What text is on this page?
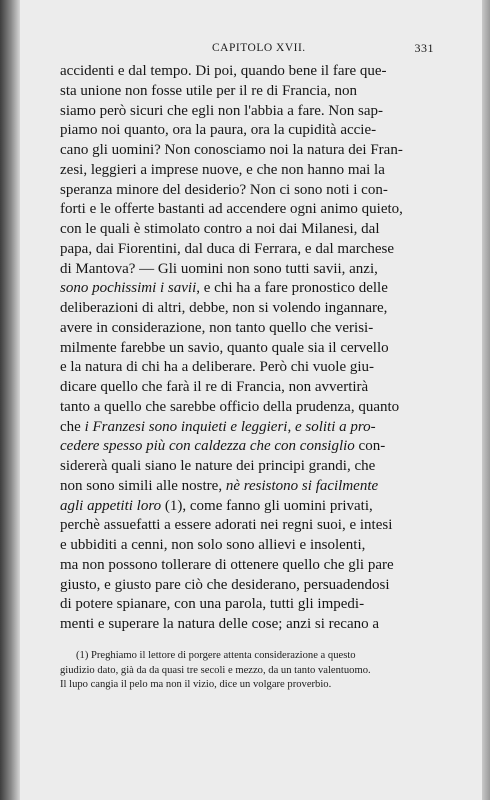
CAPITOLO XVII.	331
accidenti e dal tempo. Di poi, quando bene il fare que-
sta unione non fosse utile per il re di Francia, non
siamo però sicuri che egli non l'abbia a fare. Non sap-
piamo noi quanto, ora la paura, ora la cupidità accie-
cano gli uomini? Non conosciamo noi la natura dei Fran-
zesi, leggieri a imprese nuove, e che non hanno mai la
speranza minore del desiderio? Non ci sono noti i con-
forti e le offerte bastanti ad accendere ogni animo quieto,
con le quali è stimolato contro a noi dai Milanesi, dal
papa, dai Fiorentini, dal duca di Ferrara, e dal marchese
di Mantova? — Gli uomini non sono tutti savii, anzi,
sono pochissimi i savii, e chi ha a fare pronostico delle
deliberazioni di altri, debbe, non si volendo ingannare,
avere in considerazione, non tanto quello che verisi-
milmente farebbe un savio, quanto quale sia il cervello
e la natura di chi ha a deliberare. Però chi vuole giu-
dicare quello che farà il re di Francia, non avvertirà
tanto a quello che sarebbe officio della prudenza, quanto
che i Franzesi sono inquieti e leggieri, e soliti a pro-
cedere spesso più con caldezza che con consiglio con-
sidererà quali siano le nature dei principi grandi, che
non sono simili alle nostre, nè resistono si facilmente
agli appetiti loro (1), come fanno gli uomini privati,
perchè assuefatti a essere adorati nei regni suoi, e intesi
e ubbiditi a cenni, non solo sono allievi e insolenti,
ma non possono tollerare di ottenere quello che gli pare
giusto, e giusto pare ciò che desiderano, persuadendosi
di potere spianare, con una parola, tutti gli impedi-
menti e superare la natura delle cose; anzi si recano a
(1) Preghiamo il lettore di porgere attenta considerazione a questo
giudizio dato, già da da quasi tre secoli e mezzo, da un tanto valentuomo.
Il lupo cangia il pelo ma non il vizio, dice un volgare proverbio.
